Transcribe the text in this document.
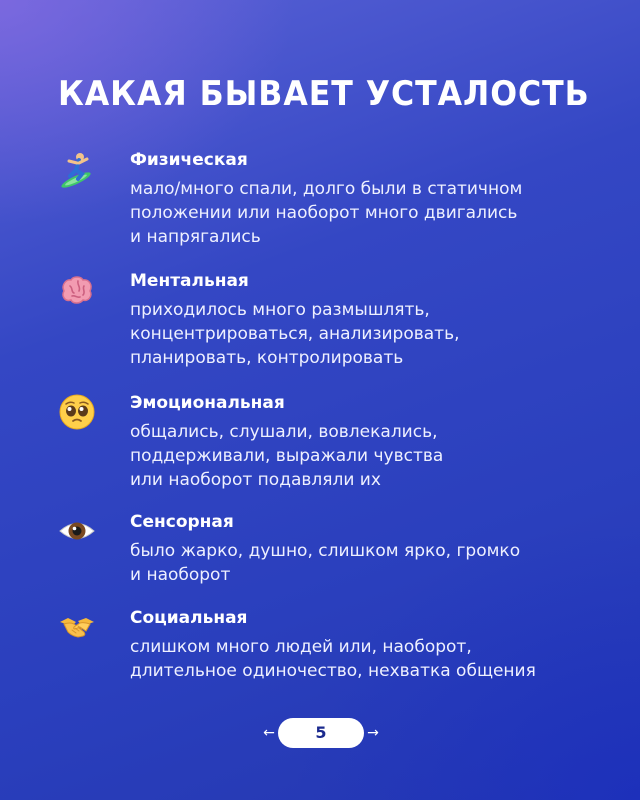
КАКАЯ БЫВАЕТ УСТАЛОСТЬ
Физическая
мало/много спали, долго были в статичном
положении или наоборот много двигались
и напрягались
Ментальная
приходилось много размышлять,
концентрироваться, анализировать,
планировать, контролировать
Эмоциональная
общались, слушали, вовлекались,
поддерживали, выражали чувства
или наоборот подавляли их
Сенсорная
было жарко, душно, слишком ярко, громко
и наоборот
Социальная
слишком много людей или, наоборот,
длительное одиночество, нехватка общения
←	5	→
